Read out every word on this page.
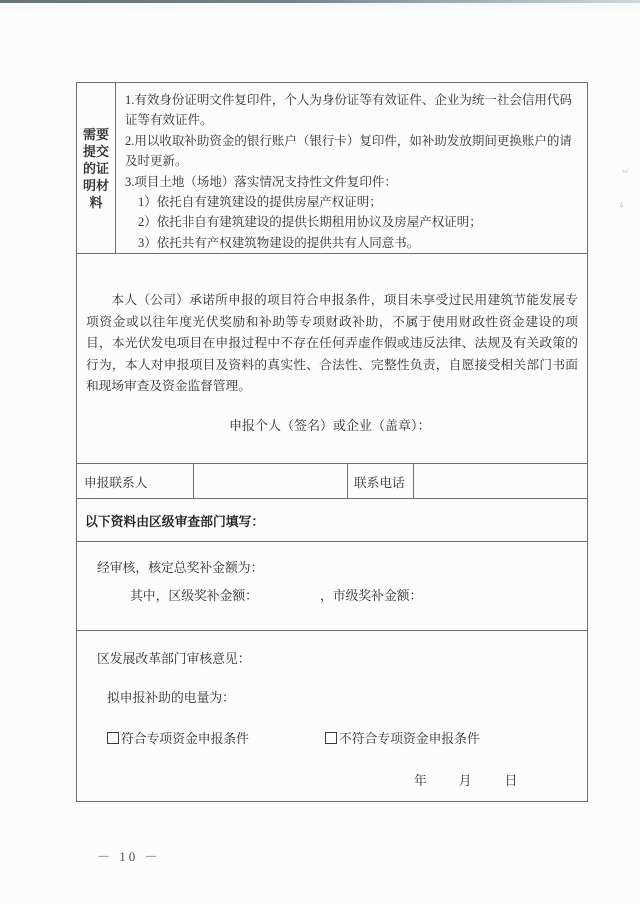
↵
↳
需要
提交
的证
明材
料

1.有效身份证明文件复印件，个人为身份证等有效证件、企业为统一社会信用代码证等有效证件。

2.用以收取补助资金的银行账户（银行卡）复印件，如补助发放期间更换账户的请及时更新。

3.项目土地（场地）落实情况支持性文件复印件：

1）依托自有建筑建设的提供房屋产权证明；

2）依托非自有建筑建设的提供长期租用协议及房屋产权证明；

3）依托共有产权建筑物建设的提供共有人同意书。

本人（公司）承诺所申报的项目符合申报条件，项目未享受过民用建筑节能发展专项资金或以往年度光伏奖励和补助等专项财政补助，不属于使用财政性资金建设的项目，本光伏发电项目在申报过程中不存在任何弄虚作假或违反法律、法规及有关政策的行为，本人对申报项目及资料的真实性、合法性、完整性负责，自愿接受相关部门书面和现场审查及资金监督管理。

申报个人（签名）或企业（盖章）：
申报联系人	联系电话
以下资料由区级审查部门填写：

经审核，核定总奖补金额为：

其中，区级奖补金额：	，市级奖补金额：

区发展改革部门审核意见：

拟申报补助的电量为：

符合专项资金申报条件	不符合专项资金申报条件

年	月	日

－ 10 －
